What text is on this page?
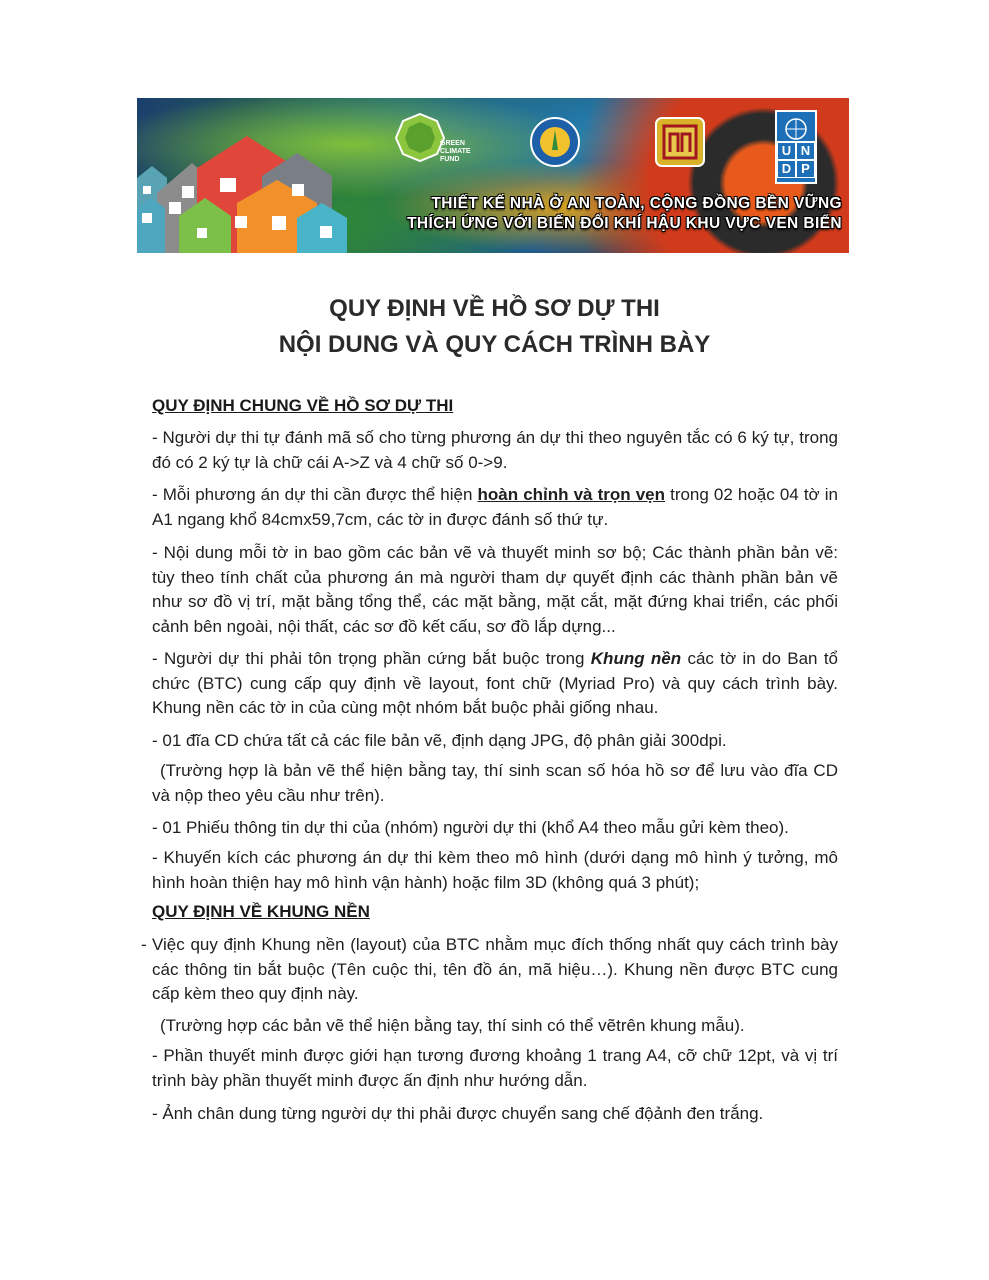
GREEN CLIMATE FUND
U N
D P
THIẾT KẾ NHÀ Ở AN TOÀN, CỘNG ĐỒNG BỀN VỮNG
THÍCH ỨNG VỚI BIẾN ĐỔI KHÍ HẬU KHU VỰC VEN BIỂN
QUY ĐỊNH VỀ HỒ SƠ DỰ THI
NỘI DUNG VÀ QUY CÁCH TRÌNH BÀY
QUY ĐỊNH CHUNG VỀ HỒ SƠ DỰ THI
- Người dự thi tự đánh mã số cho từng phương án dự thi theo nguyên tắc có 6 ký tự, trong đó có 2 ký tự là chữ cái A->Z và 4 chữ số 0->9.
- Mỗi phương án dự thi cần được thể hiện hoàn chỉnh và trọn vẹn trong 02 hoặc 04 tờ in A1 ngang khổ 84cmx59,7cm, các tờ in được đánh số thứ tự.
- Nội dung mỗi tờ in bao gồm các bản vẽ và thuyết minh sơ bộ; Các thành phần bản vẽ: tùy theo tính chất của phương án mà người tham dự quyết định các thành phần bản vẽ như sơ đồ vị trí, mặt bằng tổng thể, các mặt bằng, mặt cắt, mặt đứng khai triển, các phối cảnh bên ngoài, nội thất, các sơ đồ kết cấu, sơ đồ lắp dựng...
- Người dự thi phải tôn trọng phần cứng bắt buộc trong Khung nền các tờ in do Ban tổ chức (BTC) cung cấp quy định về layout, font chữ (Myriad Pro) và quy cách trình bày. Khung nền các tờ in của cùng một nhóm bắt buộc phải giống nhau.
- 01 đĩa CD chứa tất cả các file bản vẽ, định dạng JPG, độ phân giải 300dpi.
(Trường hợp là bản vẽ thể hiện bằng tay, thí sinh scan số hóa hồ sơ để lưu vào đĩa CD và nộp theo yêu cầu như trên).
- 01 Phiếu thông tin dự thi của (nhóm) người dự thi (khổ A4 theo mẫu gửi kèm theo).
- Khuyến kích các phương án dự thi kèm theo mô hình (dưới dạng mô hình ý tưởng, mô hình hoàn thiện hay mô hình vận hành) hoặc film 3D (không quá 3 phút);
QUY ĐỊNH VỀ KHUNG NỀN
- Việc quy định Khung nền (layout) của BTC nhằm mục đích thống nhất quy cách trình bày các thông tin bắt buộc (Tên cuộc thi, tên đồ án, mã hiệu…). Khung nền được BTC cung cấp kèm theo quy định này.
(Trường hợp các bản vẽ thể hiện bằng tay, thí sinh có thể vẽtrên khung mẫu).
- Phần thuyết minh được giới hạn tương đương khoảng 1 trang A4, cỡ chữ 12pt, và vị trí trình bày phần thuyết minh được ấn định như hướng dẫn.
- Ảnh chân dung từng người dự thi phải được chuyển sang chế độảnh đen trắng.
